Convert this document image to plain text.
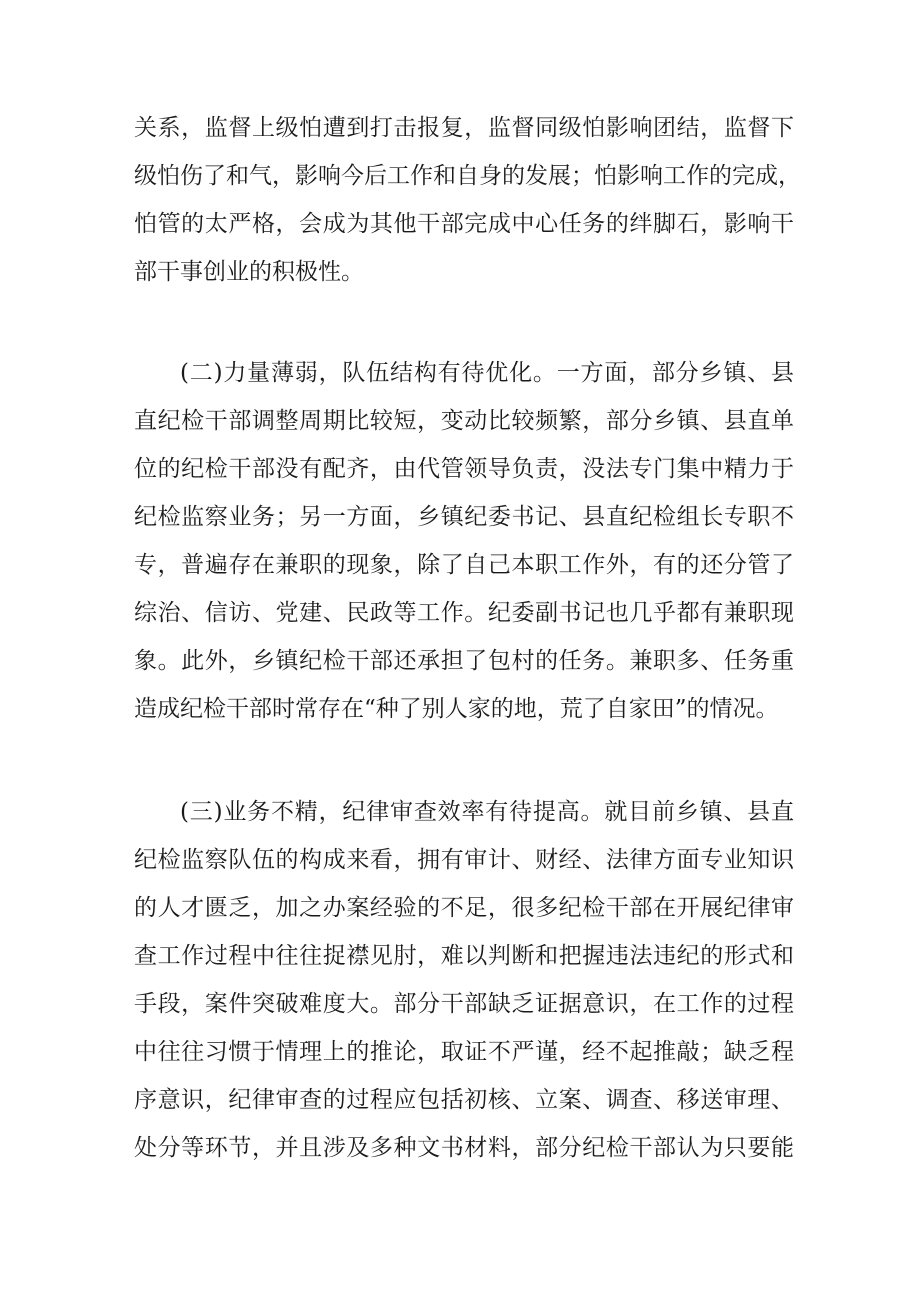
关系，监督上级怕遭到打击报复，监督同级怕影响团结，监督下
级怕伤了和气，影响今后工作和自身的发展；怕影响工作的完成，
怕管的太严格，会成为其他干部完成中心任务的绊脚石，影响干
部干事创业的积极性。
(二)力量薄弱，队伍结构有待优化。一方面，部分乡镇、县
直纪检干部调整周期比较短，变动比较频繁，部分乡镇、县直单
位的纪检干部没有配齐，由代管领导负责，没法专门集中精力于
纪检监察业务；另一方面，乡镇纪委书记、县直纪检组长专职不
专，普遍存在兼职的现象，除了自己本职工作外，有的还分管了
综治、信访、党建、民政等工作。纪委副书记也几乎都有兼职现
象。此外，乡镇纪检干部还承担了包村的任务。兼职多、任务重
造成纪检干部时常存在“种了别人家的地，荒了自家田”的情况。
(三)业务不精，纪律审查效率有待提高。就目前乡镇、县直
纪检监察队伍的构成来看，拥有审计、财经、法律方面专业知识
的人才匮乏，加之办案经验的不足，很多纪检干部在开展纪律审
查工作过程中往往捉襟见肘，难以判断和把握违法违纪的形式和
手段，案件突破难度大。部分干部缺乏证据意识，在工作的过程
中往往习惯于情理上的推论，取证不严谨，经不起推敲；缺乏程
序意识，纪律审查的过程应包括初核、立案、调查、移送审理、
处分等环节，并且涉及多种文书材料，部分纪检干部认为只要能
